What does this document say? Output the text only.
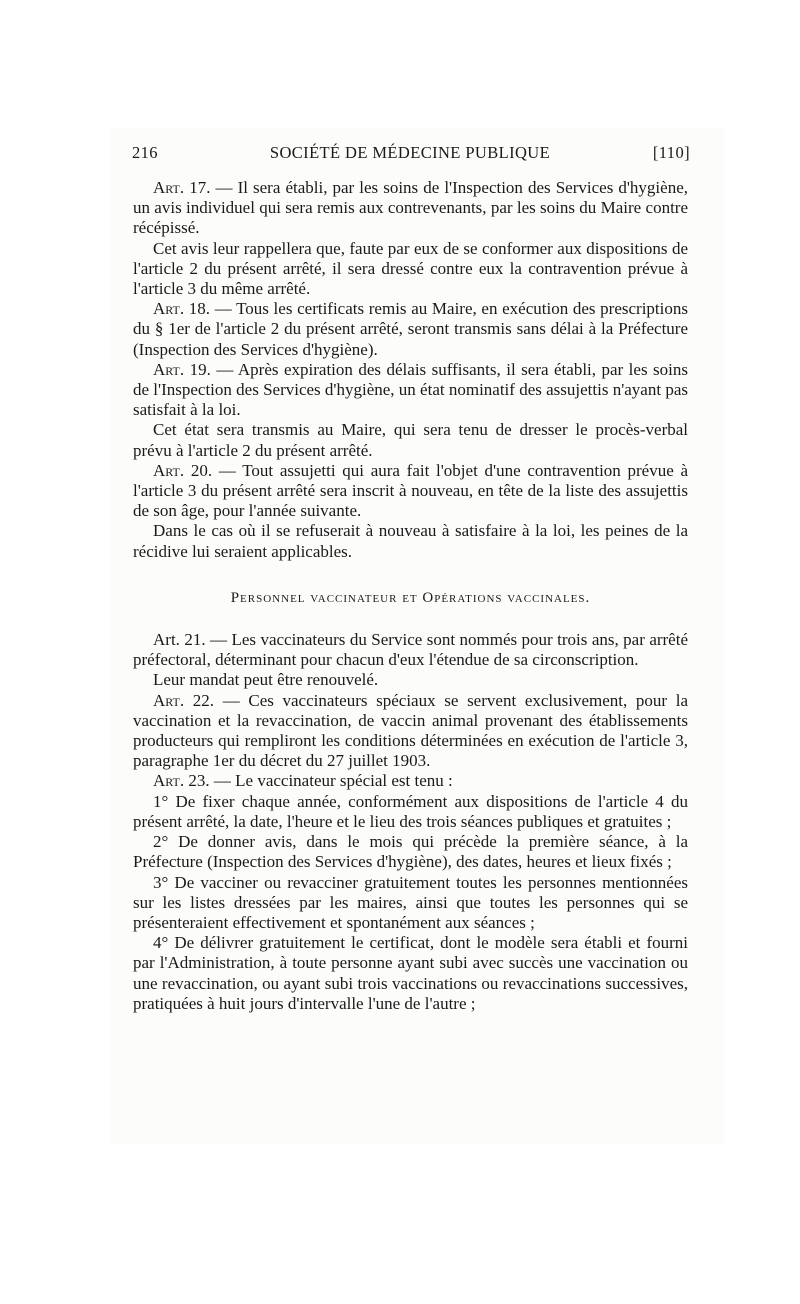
216	SOCIÉTÉ DE MÉDECINE PUBLIQUE	[110]

Art. 17. — Il sera établi, par les soins de l'Inspection des Services d'hygiène, un avis individuel qui sera remis aux contrevenants, par les soins du Maire contre récépissé.

Cet avis leur rappellera que, faute par eux de se conformer aux dispositions de l'article 2 du présent arrêté, il sera dressé contre eux la contravention prévue à l'article 3 du même arrêté.

Art. 18. — Tous les certificats remis au Maire, en exécution des prescriptions du § 1er de l'article 2 du présent arrêté, seront transmis sans délai à la Préfecture (Inspection des Services d'hygiène).

Art. 19. — Après expiration des délais suffisants, il sera établi, par les soins de l'Inspection des Services d'hygiène, un état nominatif des assujettis n'ayant pas satisfait à la loi.

Cet état sera transmis au Maire, qui sera tenu de dresser le procès-verbal prévu à l'article 2 du présent arrêté.

Art. 20. — Tout assujetti qui aura fait l'objet d'une contravention prévue à l'article 3 du présent arrêté sera inscrit à nouveau, en tête de la liste des assujettis de son âge, pour l'année suivante.

Dans le cas où il se refuserait à nouveau à satisfaire à la loi, les peines de la récidive lui seraient applicables.

Personnel vaccinateur et Opérations vaccinales.

Art. 21. — Les vaccinateurs du Service sont nommés pour trois ans, par arrêté préfectoral, déterminant pour chacun d'eux l'étendue de sa circonscription.

Leur mandat peut être renouvelé.

Art. 22. — Ces vaccinateurs spéciaux se servent exclusivement, pour la vaccination et la revaccination, de vaccin animal provenant des établissements producteurs qui rempliront les conditions déterminées en exécution de l'article 3, paragraphe 1er du décret du 27 juillet 1903.

Art. 23. — Le vaccinateur spécial est tenu :

1° De fixer chaque année, conformément aux dispositions de l'article 4 du présent arrêté, la date, l'heure et le lieu des trois séances publiques et gratuites ;

2° De donner avis, dans le mois qui précède la première séance, à la Préfecture (Inspection des Services d'hygiène), des dates, heures et lieux fixés ;

3° De vacciner ou revacciner gratuitement toutes les personnes mentionnées sur les listes dressées par les maires, ainsi que toutes les personnes qui se présenteraient effectivement et spontanément aux séances ;

4° De délivrer gratuitement le certificat, dont le modèle sera établi et fourni par l'Administration, à toute personne ayant subi avec succès une vaccination ou une revaccination, ou ayant subi trois vaccinations ou revaccinations successives, pratiquées à huit jours d'intervalle l'une de l'autre ;
